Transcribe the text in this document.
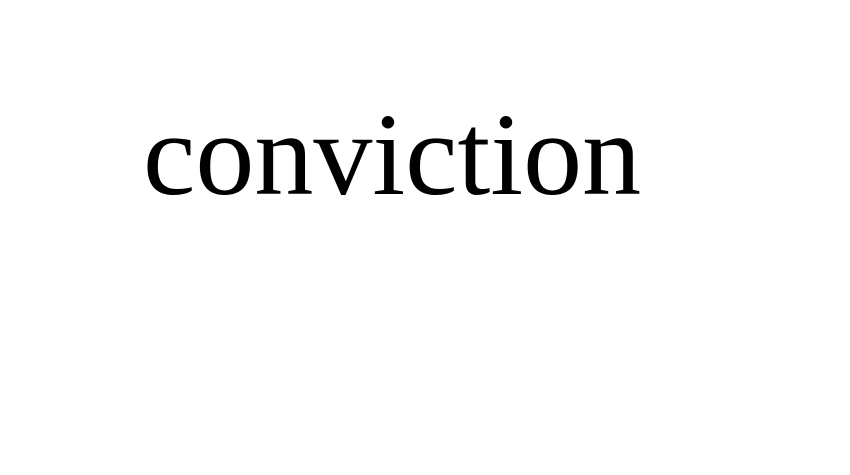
conviction
